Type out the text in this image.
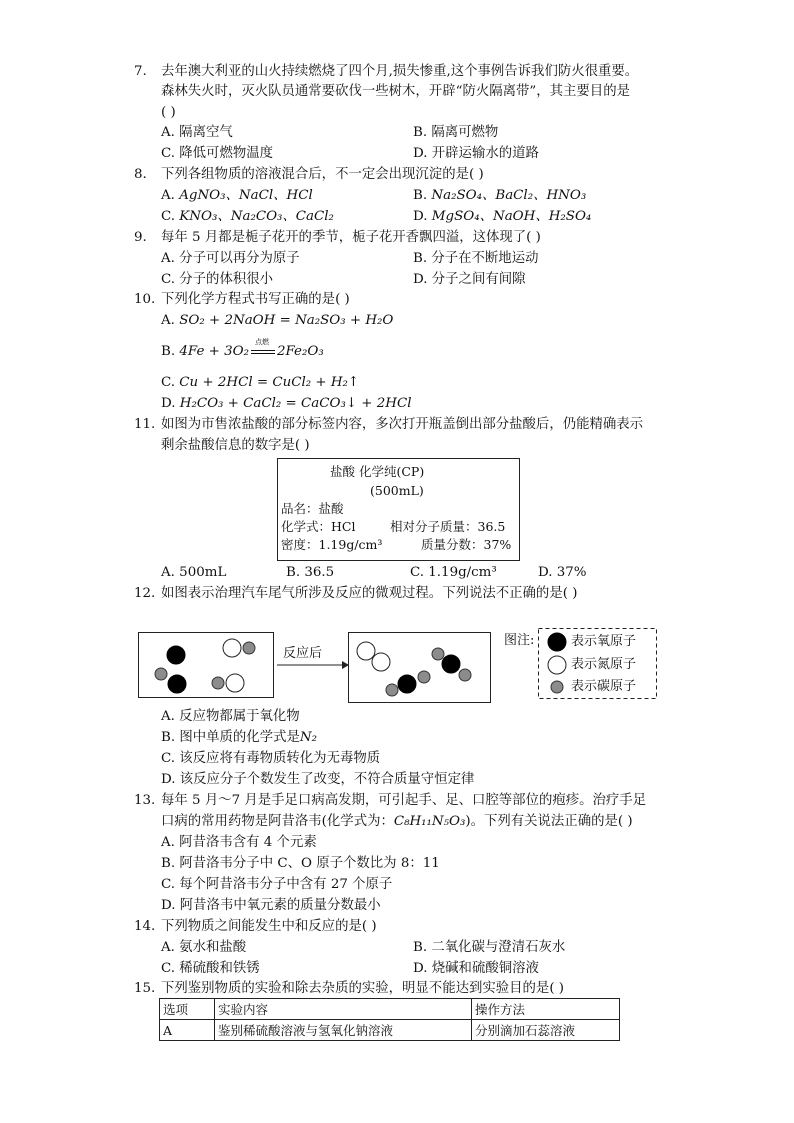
7. 去年澳大利亚的山火持续燃烧了四个月,损失惨重,这个事例告诉我们防火很重要。
森林失火时，灭火队员通常要砍伐一些树木，开辟“防火隔离带”，其主要目的是
( )
A. 隔离空气	B. 隔离可燃物
C. 降低可燃物温度	D. 开辟运输水的道路
8. 下列各组物质的溶液混合后，不一定会出现沉淀的是( )
A. AgNO₃、NaCl、HCl	B. Na₂SO₄、BaCl₂、HNO₃
C. KNO₃、Na₂CO₃、CaCl₂	D. MgSO₄、NaOH、H₂SO₄
9. 每年 5 月都是栀子花开的季节，栀子花开香飘四溢，这体现了( )
A. 分子可以再分为原子	B. 分子在不断地运动
C. 分子的体积很小	D. 分子之间有间隙
10. 下列化学方程式书写正确的是( )
A. SO₂ + 2NaOH = Na₂SO₃ + H₂O
B. 4Fe + 3O₂
点燃
2Fe₂O₃
C. Cu + 2HCl = CuCl₂ + H₂↑
D. H₂CO₃ + CaCl₂ = CaCO₃↓ + 2HCl
11. 如图为市售浓盐酸的部分标签内容，多次打开瓶盖倒出部分盐酸后，仍能精确表示
剩余盐酸信息的数字是( )
盐酸 化学纯(CP)
(500mL)
品名：盐酸
化学式：HCl	相对分子质量：36.5
密度：1.19g/cm³	质量分数：37%
A. 500mL	B. 36.5	C. 1.19g/cm³	D. 37%
12. 如图表示治理汽车尾气所涉及反应的微观过程。下列说法不正确的是( )
反应后
图注:	表示氧原子
表示氮原子
表示碳原子
A. 反应物都属于氧化物
B. 图中单质的化学式是N₂
C. 该反应将有毒物质转化为无毒物质
D. 该反应分子个数发生了改变，不符合质量守恒定律
13. 每年 5 月～7 月是手足口病高发期，可引起手、足、口腔等部位的疱疹。治疗手足
口病的常用药物是阿昔洛韦(化学式为：C₈H₁₁N₅O₃)。下列有关说法正确的是( )
A. 阿昔洛韦含有 4 个元素
B. 阿昔洛韦分子中 C、O 原子个数比为 8：11
C. 每个阿昔洛韦分子中含有 27 个原子
D. 阿昔洛韦中氧元素的质量分数最小
14. 下列物质之间能发生中和反应的是( )
A. 氨水和盐酸	B. 二氧化碳与澄清石灰水
C. 稀硫酸和铁锈	D. 烧碱和硫酸铜溶液
15. 下列鉴别物质的实验和除去杂质的实验，明显不能达到实验目的是( )
选项	实验内容	操作方法
A	鉴别稀硫酸溶液与氢氧化钠溶液	分别滴加石蕊溶液
